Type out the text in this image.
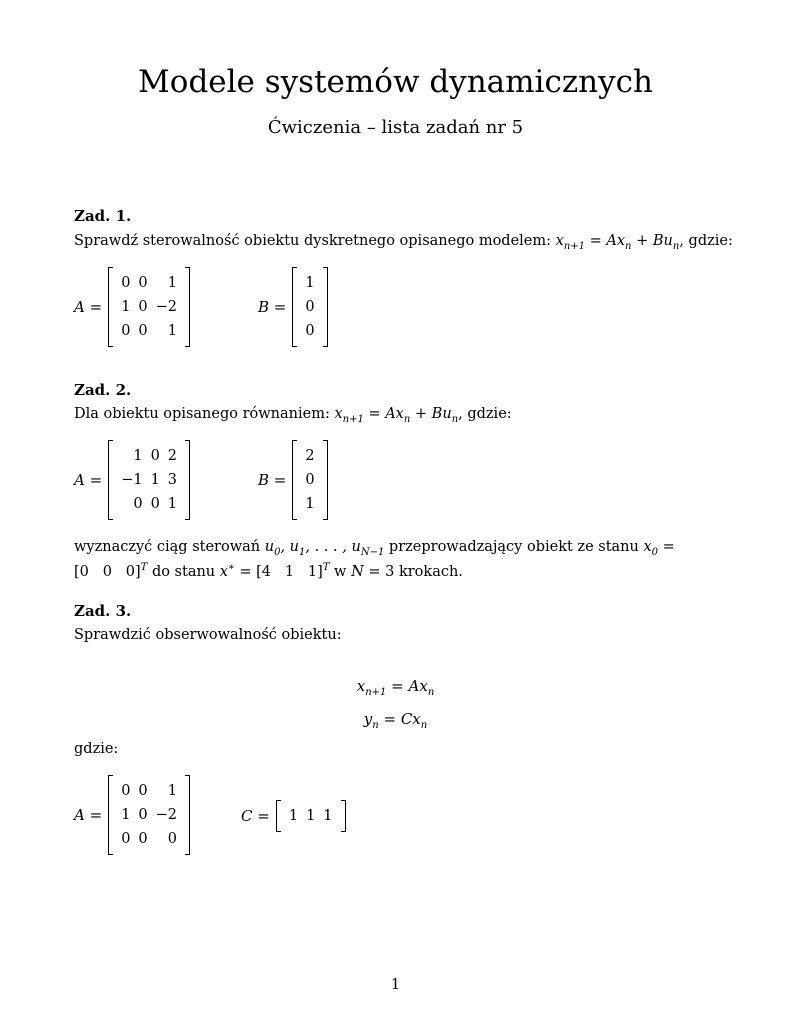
Modele systemów dynamicznych
Ćwiczenia – lista zadań nr 5
Zad. 1.
Sprawdź sterowalność obiektu dyskretnego opisanego modelem: $x_{n+1} = Ax_n + Bu_n$, gdzie:
A =
0	0	1
1	0	−2
0	0	1
B =
1
0
0
Zad. 2.
Dla obiektu opisanego równaniem: $x_{n+1} = Ax_n + Bu_n$, gdzie:
A =
1	0	2
−1	1	3
0	0	1
B =
2
0
1
wyznaczyć ciąg sterowań $u_0$, $u_1$, . . . , $u_{N-1}$ przeprowadzający obiekt ze stanu $x_0 = [0$   0   0]$^T$ do stanu x∗ = [4   1   1]$^T$ w N = 3 krokach.
Zad. 3.
Sprawdzić obserwowalność obiektu:
$x_{n+1} = Ax_n$
$y_n = Cx_n$
gdzie:
A =
0	0	1
1	0	−2
0	0	0
C = 1	1	1
1
